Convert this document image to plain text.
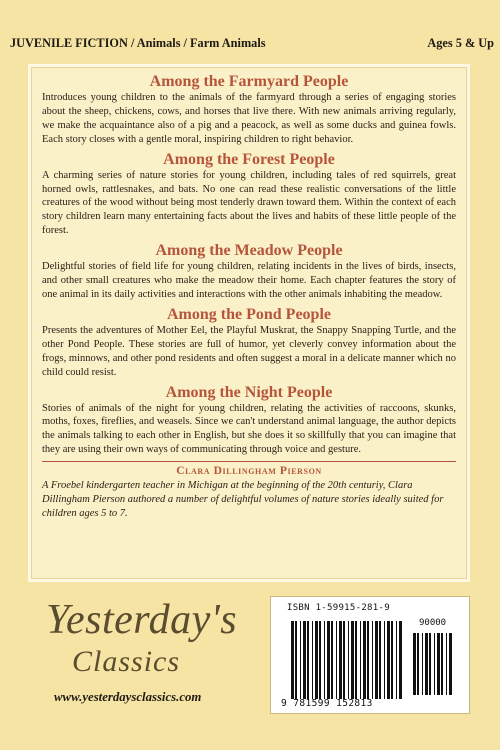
JUVENILE FICTION / Animals / Farm Animals	Ages 5 & Up
Among the Farmyard People

Introduces young children to the animals of the farmyard through a series of engaging stories about the sheep, chickens, cows, and horses that live there. With new animals arriving regularly, we make the acquaintance also of a pig and a peacock, as well as some ducks and guinea fowls. Each story closes with a gentle moral, inspiring children to right behavior.

Among the Forest People

A charming series of nature stories for young children, including tales of red squirrels, great horned owls, rattlesnakes, and bats. No one can read these realistic conversations of the little creatures of the wood without being most tenderly drawn toward them. Within the context of each story children learn many entertaining facts about the lives and habits of these little people of the forest.

Among the Meadow People

Delightful stories of field life for young children, relating incidents in the lives of birds, insects, and other small creatures who make the meadow their home. Each chapter features the story of one animal in its daily activities and interactions with the other animals inhabiting the meadow.

Among the Pond People

Presents the adventures of Mother Eel, the Playful Muskrat, the Snappy Snapping Turtle, and the other Pond People. These stories are full of humor, yet cleverly convey information about the frogs, minnows, and other pond residents and often suggest a moral in a delicate manner which no child could resist.

Among the Night People

Stories of animals of the night for young children, relating the activities of raccoons, skunks, moths, foxes, fireflies, and weasels. Since we can't understand animal language, the author depicts the animals talking to each other in English, but she does it so skillfully that you can imagine that they are using their own ways of communicating through voice and gesture.

Clara Dillingham Pierson
A Froebel kindergarten teacher in Michigan at the beginning of the 20th centuriy, Clara Dillingham Pierson authored a number of delightful volumes of nature stories ideally suited for children ages 5 to 7.
Yesterday's
Classics
www.yesterdaysclassics.com
ISBN 1-59915-281-9
90000
9 781599 152813
